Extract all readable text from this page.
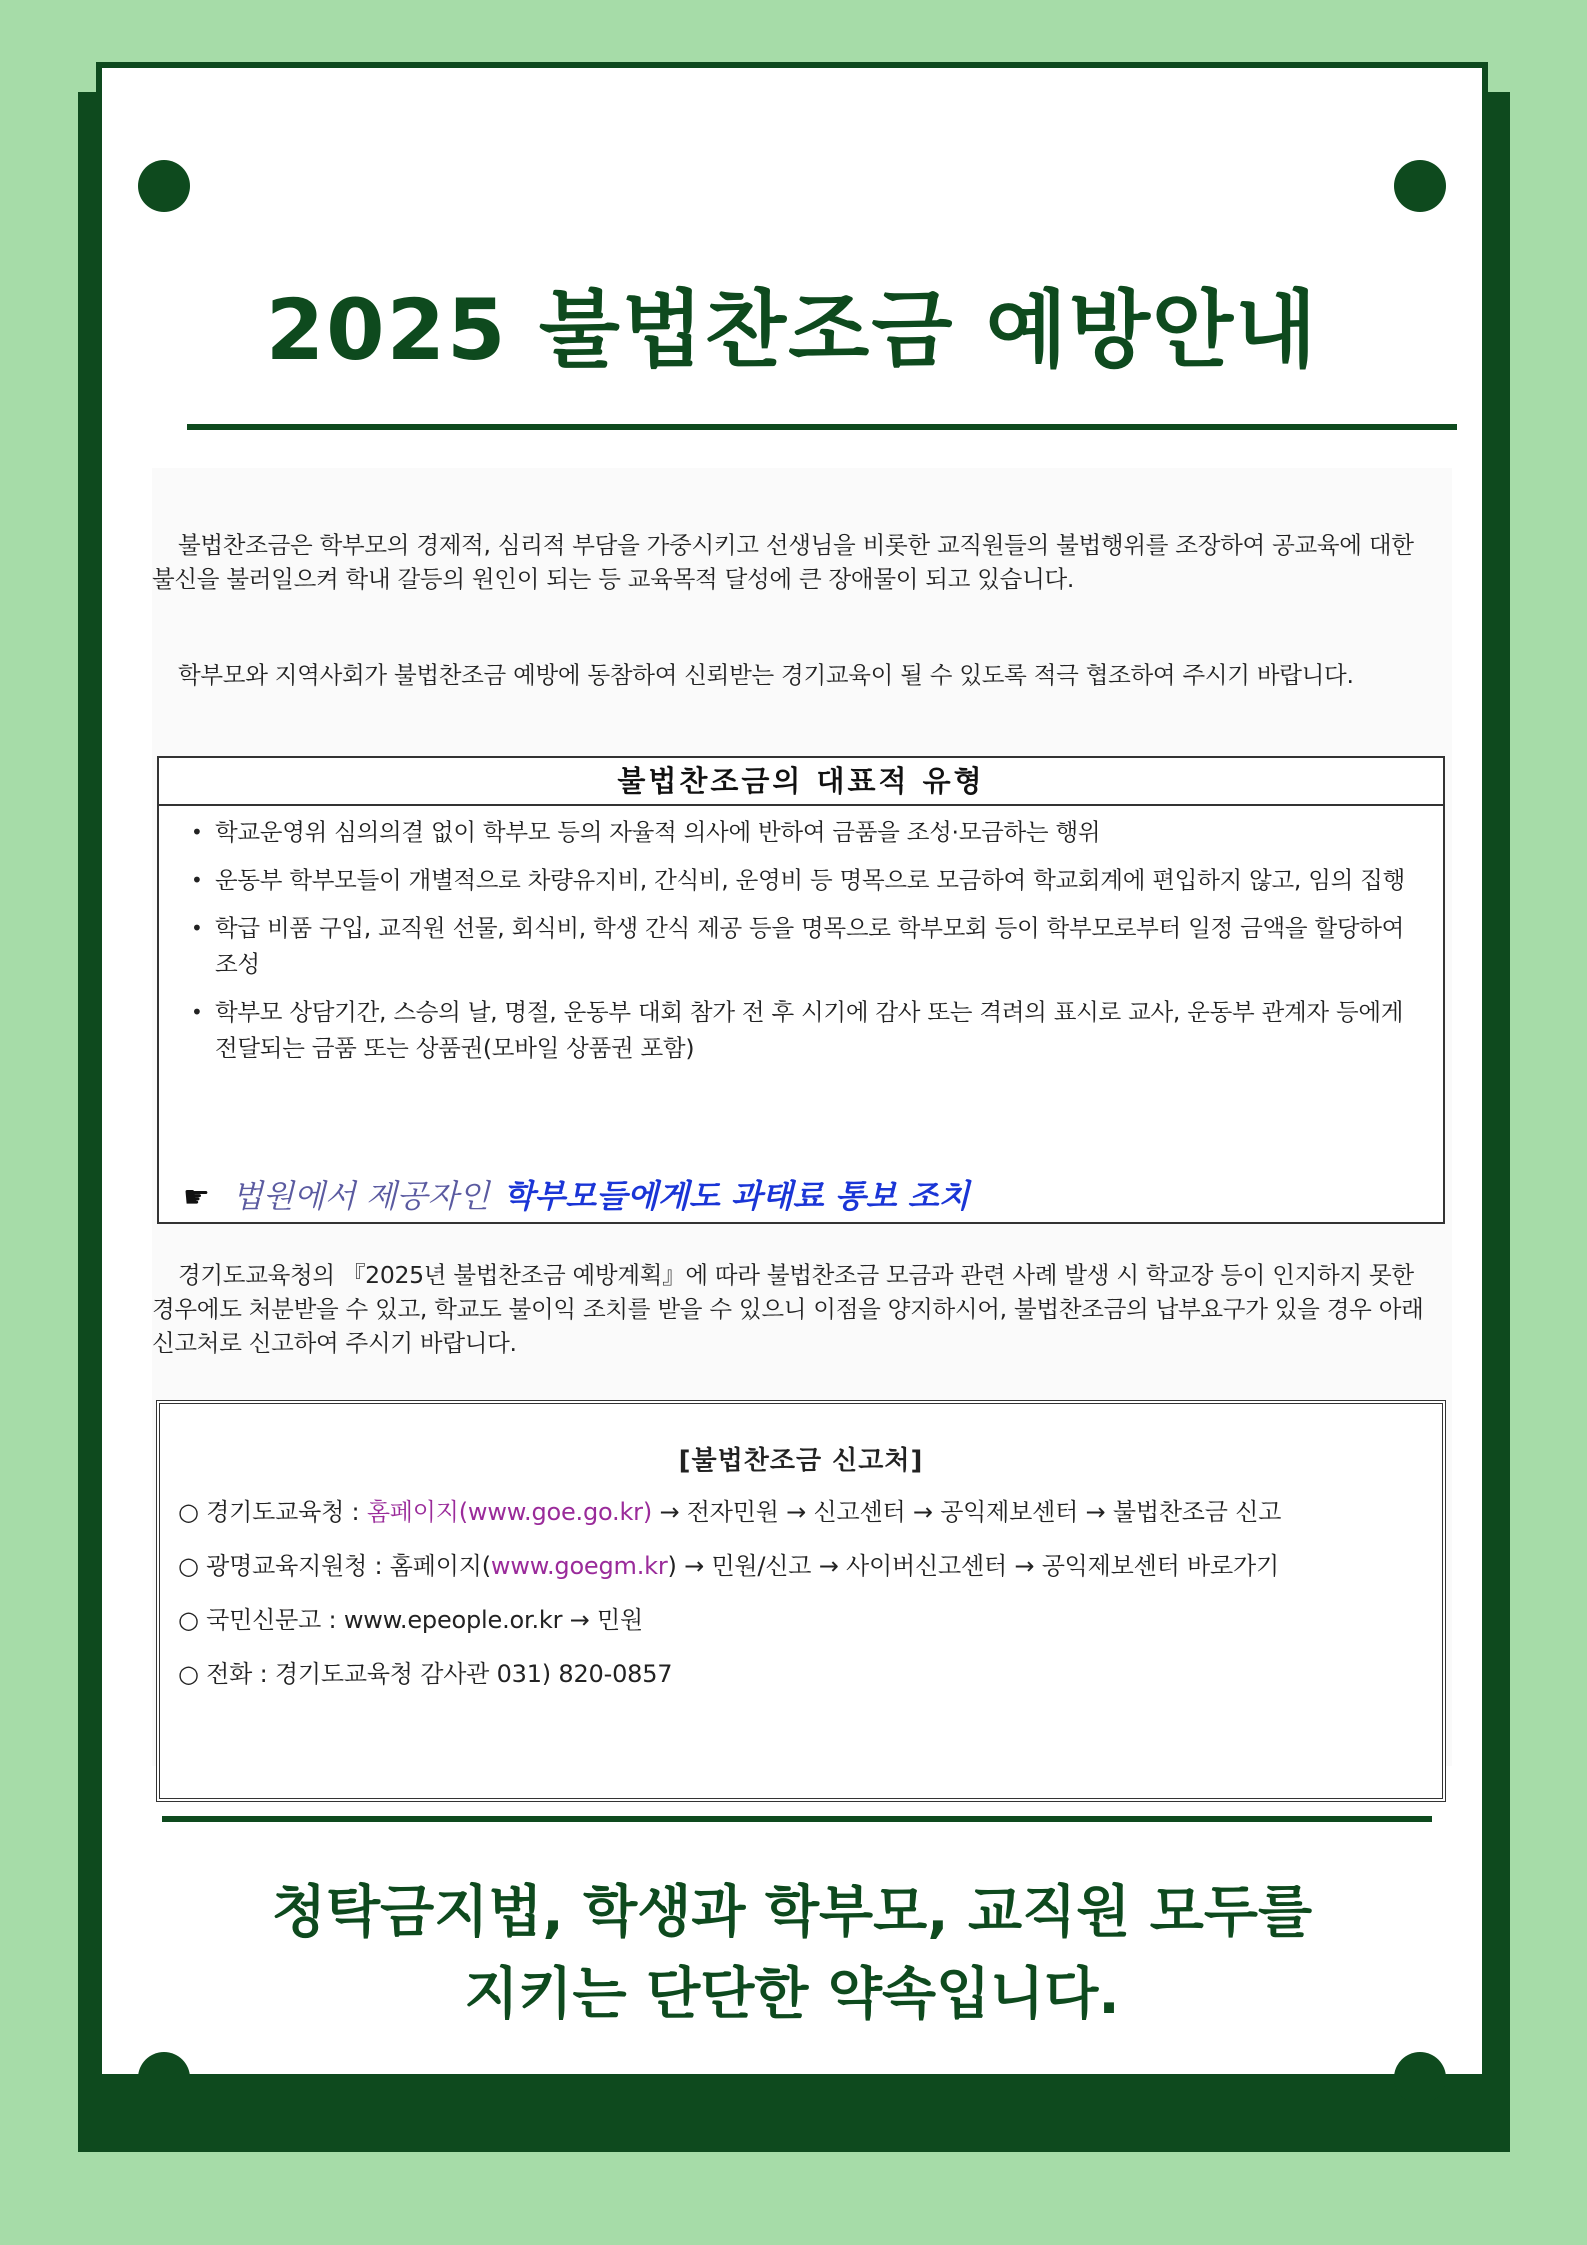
2025 불법찬조금 예방안내

불법찬조금은 학부모의 경제적, 심리적 부담을 가중시키고 선생님을 비롯한 교직원들의 불법행위를 조장하여 공교육에 대한 불신을 불러일으켜 학내 갈등의 원인이 되는 등 교육목적 달성에 큰 장애물이 되고 있습니다.

학부모와 지역사회가 불법찬조금 예방에 동참하여 신뢰받는 경기교육이 될 수 있도록 적극 협조하여 주시기 바랍니다.

불법찬조금의 대표적 유형
• 학교운영위 심의의결 없이 학부모 등의 자율적 의사에 반하여 금품을 조성·모금하는 행위
• 운동부 학부모들이 개별적으로 차량유지비, 간식비, 운영비 등 명목으로 모금하여 학교회계에 편입하지 않고, 임의 집행
• 학급 비품 구입, 교직원 선물, 회식비, 학생 간식 제공 등을 명목으로 학부모회 등이 학부모로부터 일정 금액을 할당하여 조성
• 학부모 상담기간, 스승의 날, 명절, 운동부 대회 참가 전 후 시기에 감사 또는 격려의 표시로 교사, 운동부 관계자 등에게 전달되는 금품 또는 상품권(모바일 상품권 포함)
☛ 법원에서 제공자인 학부모들에게도 과태료 통보 조치

경기도교육청의 『2025년 불법찬조금 예방계획』에 따라 불법찬조금 모금과 관련 사례 발생 시 학교장 등이 인지하지 못한 경우에도 처분받을 수 있고, 학교도 불이익 조치를 받을 수 있으니 이점을 양지하시어, 불법찬조금의 납부요구가 있을 경우 아래 신고처로 신고하여 주시기 바랍니다.

[불법찬조금 신고처]
○ 경기도교육청 : 홈페이지(www.goe.go.kr) → 전자민원 → 신고센터 → 공익제보센터 → 불법찬조금 신고
○ 광명교육지원청 : 홈페이지(www.goegm.kr) → 민원/신고 → 사이버신고센터 → 공익제보센터 바로가기
○ 국민신문고 : www.epeople.or.kr → 민원
○ 전화 : 경기도교육청 감사관 031) 820-0857
청탁금지법, 학생과 학부모, 교직원 모두를
지키는 단단한 약속입니다.
